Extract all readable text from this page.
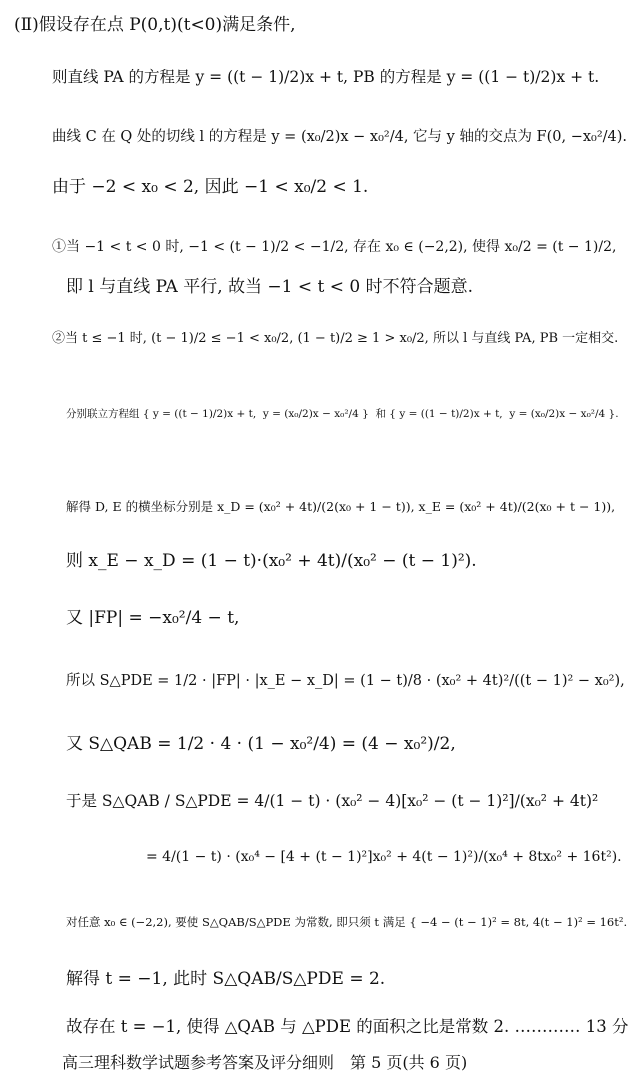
(Ⅱ)假设存在点 P(0,t)(t<0)满足条件,
则直线 PA 的方程是 y = ((t − 1)/2)x + t, PB 的方程是 y = ((1 − t)/2)x + t.
曲线 C 在 Q 处的切线 l 的方程是 y = (x₀/2)x − x₀²/4, 它与 y 轴的交点为 F(0, −x₀²/4).
由于 −2 < x₀ < 2, 因此 −1 < x₀/2 < 1.
①当 −1 < t < 0 时, −1 < (t − 1)/2 < −1/2, 存在 x₀ ∈ (−2,2), 使得 x₀/2 = (t − 1)/2,
即 l 与直线 PA 平行, 故当 −1 < t < 0 时不符合题意.
②当 t ≤ −1 时, (t − 1)/2 ≤ −1 < x₀/2, (1 − t)/2 ≥ 1 > x₀/2, 所以 l 与直线 PA, PB 一定相交.
分别联立方程组 { y = ((t − 1)/2)x + t,  y = (x₀/2)x − x₀²/4 }  和 { y = ((1 − t)/2)x + t,  y = (x₀/2)x − x₀²/4 }.
解得 D, E 的横坐标分别是 x_D = (x₀² + 4t)/(2(x₀ + 1 − t)), x_E = (x₀² + 4t)/(2(x₀ + t − 1)),
则 x_E − x_D = (1 − t)·(x₀² + 4t)/(x₀² − (t − 1)²).
又 |FP| = −x₀²/4 − t,
所以 S△PDE = 1/2 · |FP| · |x_E − x_D| = (1 − t)/8 · (x₀² + 4t)²/((t − 1)² − x₀²),
又 S△QAB = 1/2 · 4 · (1 − x₀²/4) = (4 − x₀²)/2,
于是 S△QAB / S△PDE = 4/(1 − t) · (x₀² − 4)[x₀² − (t − 1)²]/(x₀² + 4t)²
= 4/(1 − t) · (x₀⁴ − [4 + (t − 1)²]x₀² + 4(t − 1)²)/(x₀⁴ + 8tx₀² + 16t²).
对任意 x₀ ∈ (−2,2), 要使 S△QAB/S△PDE 为常数, 即只须 t 满足 { −4 − (t − 1)² = 8t, 4(t − 1)² = 16t².
解得 t = −1, 此时 S△QAB/S△PDE = 2.
故存在 t = −1, 使得 △QAB 与 △PDE 的面积之比是常数 2. ………… 13 分
高三理科数学试题参考答案及评分细则　第 5 页(共 6 页)
